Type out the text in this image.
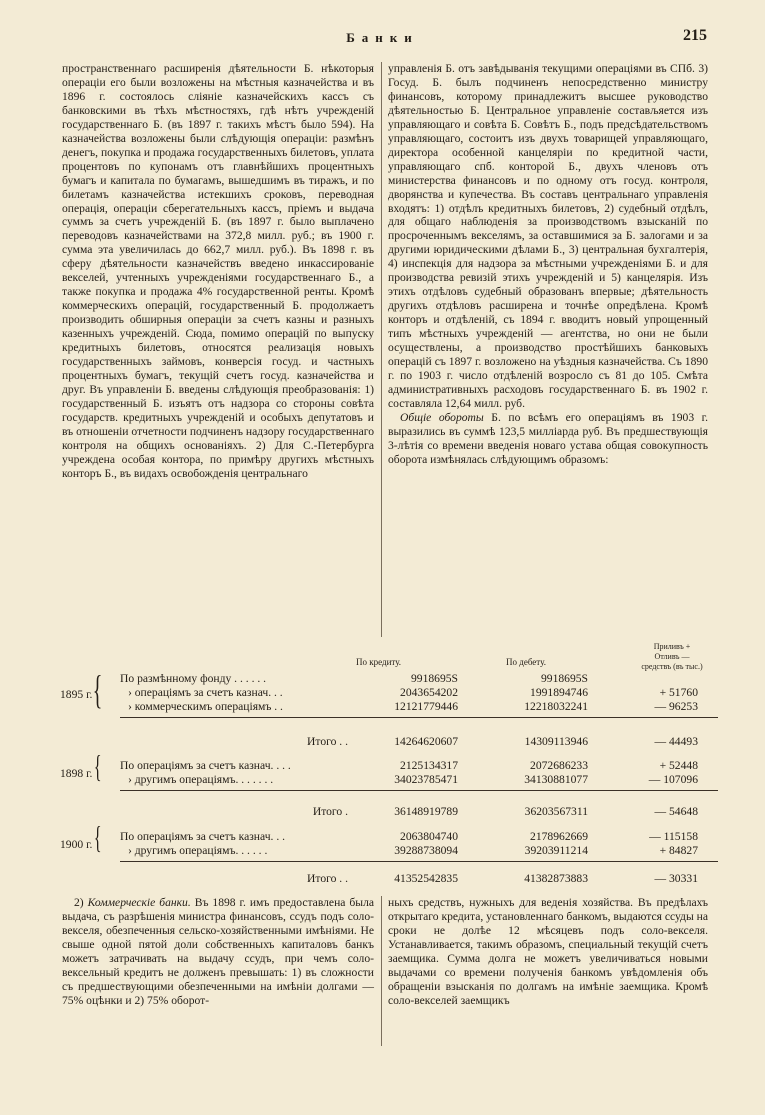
Банки	215

пространственнаго расширенія дѣятельности Б. нѣкоторыя операціи его были возложены на мѣстныя казначейства и въ 1896 г. состоялось сліяніе казначейскихъ кассъ съ банковскими въ тѣхъ мѣстностяхъ, гдѣ нѣтъ учрежденій государственнаго Б. (въ 1897 г. такихъ мѣстъ было 594). На казначейства возложены были слѣдующія операціи: размѣнъ денегъ, покупка и продажа государственныхъ билетовъ, уплата процентовъ по купонамъ отъ главнѣйшихъ процентныхъ бумагъ и капитала по бумагамъ, вышедшимъ въ тиражъ, и по билетамъ казначейства истекшихъ сроковъ, переводная операція, операціи сберегательныхъ кассъ, пріемъ и выдача суммъ за счетъ учрежденій Б. (въ 1897 г. было выплачено переводовъ казначействами на 372,8 милл. руб.; въ 1900 г. сумма эта увеличилась до 662,7 милл. руб.). Въ 1898 г. въ сферу дѣятельности казначействъ введено инкассированіе векселей, учтенныхъ учрежденіями государственнаго Б., а также покупка и продажа 4% государственной ренты. Кромѣ коммерческихъ операцій, государственный Б. продолжаетъ производить обширныя операціи за счетъ казны и разныхъ казенныхъ учрежденій. Сюда, помимо операцій по выпуску кредитныхъ билетовъ, относятся реализація новыхъ государственныхъ займовъ, конверсія госуд. и частныхъ процентныхъ бумагъ, текущій счетъ госуд. казначейства и друг. Въ управленіи Б. введены слѣдующія преобразованія: 1) государственный Б. изъятъ отъ надзора со стороны совѣта государств. кредитныхъ учрежденій и особыхъ депутатовъ и въ отношеніи отчетности подчиненъ надзору государственнаго контроля на общихъ основаніяхъ. 2) Для С.-Петербурга учреждена особая контора, по примѣру другихъ мѣстныхъ конторъ Б., въ видахъ освобожденія центральнаго

управленія Б. отъ завѣдыванія текущими операціями въ СПб. 3) Госуд. Б. былъ подчиненъ непосредственно министру финансовъ, которому принадлежитъ высшее руководство дѣятельностью Б. Центральное управленіе состављяется изъ управляющаго и совѣта Б. Совѣтъ Б., подъ предсѣдательствомъ управляющаго, состоитъ изъ двухъ товарищей управляющаго, директора особенной канцеляріи по кредитной части, управляющаго спб. конторой Б., двухъ членовъ отъ министерства финансовъ и по одному отъ госуд. контроля, дворянства и купечества. Въ составъ центральнаго управленія входятъ: 1) отдѣлъ кредитныхъ билетовъ, 2) судебный отдѣлъ, для общаго наблюденія за производствомъ взысканій по просроченнымъ векселямъ, за оставшимися за Б. залогами и за другими юридическими дѣлами Б., 3) центральная бухгалтерія, 4) инспекція для надзора за мѣстными учрежденіями Б. и для производства ревизій этихъ учрежденій и 5) канцелярія. Изъ этихъ отдѣловъ судебный образованъ впервые; дѣятельность другихъ отдѣловъ расширена и точнѣе опредѣлена. Кромѣ конторъ и отдѣленій, съ 1894 г. вводитъ новый упрощенный типъ мѣстныхъ учрежденій — агентства, но они не были осуществлены, а производство простѣйшихъ банковыхъ операцій съ 1897 г. возложено на уѣздныя казначейства. Съ 1890 г. по 1903 г. число отдѣленій возросло съ 81 до 105. Смѣта административныхъ расходовъ государственнаго Б. въ 1902 г. составляла 12,64 милл. руб.

Общіе обороты Б. по всѣмъ его операціямъ въ 1903 г. выразились въ суммѣ 123,5 миллiарда руб. Въ предшествующія 3-лѣтія со времени введенія новаго устава общая совокупность оборота измѣнялась слѣдующимъ образомъ:

По кредиту.	По дебету.
Приливъ +
Отливъ —
средствъ (въ тыс.)
1895 г. { По размѣнному фонду . . . . . .	9918695S	9918695S
› операціямъ за счетъ казнач. . .	2043654202	1991894746	+ 51760
› коммерческимъ операціямъ . .	12121779446	12218032241	— 96253
Итого . .	14264620607	14309113946	— 44493
1898 г. { По операціямъ за счетъ казнач. . . .	2125134317	2072686233	+ 52448
› другимъ операціямъ. . . . . . .	34023785471	34130881077	— 107096
Итого .	36148919789	36203567311	— 54648
1900 г. { По операціямъ за счетъ казнач. . .	2063804740	2178962669	— 115158
› другимъ операціямъ. . . . . .	39288738094	39203911214	+ 84827
Итого . .	41352542835	41382873883	— 30331

2) Коммерческіе банки. Въ 1898 г. имъ предоставлена была выдача, съ разрѣшенія министра финансовъ, ссудъ подъ соло-векселя, обезпеченныя сельско-хозяйственными имѣніями. Не свыше одной пятой доли собственныхъ капиталовъ банкъ можетъ затрачивать на выдачу ссудъ, при чемъ соло-вексельный кредитъ не долженъ превышать: 1) въ сложности съ предшествующими обезпеченными на имѣніи долгами — 75% оцѣнки и 2) 75% оборот-

ныхъ средствъ, нужныхъ для веденія хозяйства. Въ предѣлахъ открытаго кредита, установленнаго банкомъ, выдаются ссуды на сроки не долѣе 12 мѣсяцевъ подъ соло-векселя. Устанавливается, такимъ образомъ, специальный текущій счетъ заемщика. Сумма долга не можетъ увеличиваться новыми выдачами со времени полученія банкомъ увѣдомленія объ обращеніи взысканія по долгамъ на имѣніе заемщика. Кромѣ соло-векселей заемщикъ
